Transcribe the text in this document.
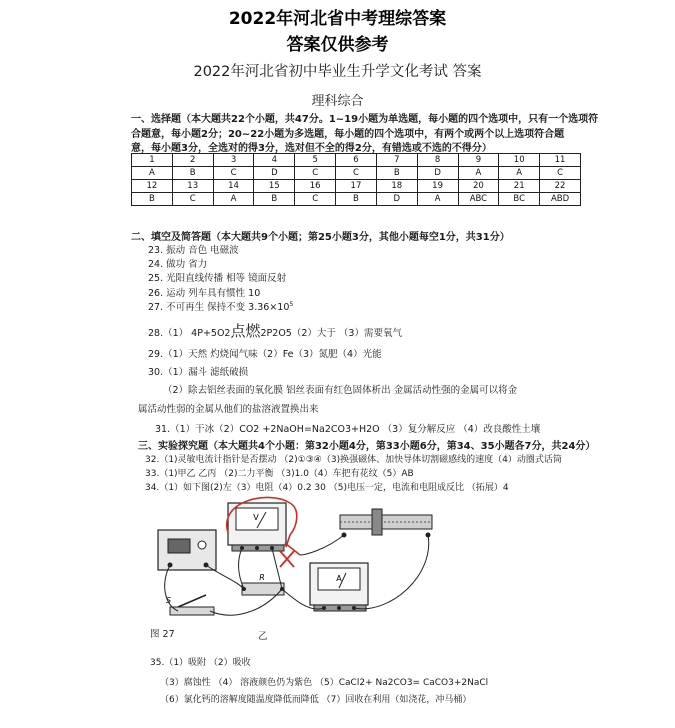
2022年河北省中考理综答案
答案仅供参考
2022年河北省初中毕业生升学文化考试 答案
理科综合
一、选择题（本大题共22个小题，共47分。1~19小题为单选题，每小题的四个选项中，只有一个选项符
合题意，每小题2分；20~22小题为多选题，每小题的四个选项中，有两个或两个以上选项符合题
意，每小题3分，全选对的得3分，选对但不全的得2分，有错选或不选的不得分）
1	2	3	4	5	6	7	8	9	10	11
A	B	C	D	C	C	B	D	A	A	C
12	13	14	15	16	17	18	19	20	21	22
B	C	A	B	C	B	D	A	ABC	BC	ABD
二、填空及简答题（本大题共9个小题；第25小题3分，其他小题每空1分，共31分）
23. 振动 音色 电磁波
24. 做功 省力
25. 光阳直线传播 相等 镜面反射
26. 运动 列车具有惯性 10
27. 不可再生 保持不变 $3.36\times 10^5$
28.（1） 4P+5O2点燃2P2O5（2）大于 （3）需要氧气
29.（1）天然 灼烧闻气味（2）Fe（3）氮肥（4）光能
30.（1）漏斗 滤纸破损
（2）除去铝丝表面的氧化膜 铝丝表面有红色固体析出 金属活动性强的金属可以将金
属活动性弱的金属从他们的盐溶液置换出来
31.（1）干冰（2）CO2 +2NaOH=Na2CO3+H2O （3）复分解反应 （4）改良酸性土壤
三、实验探究题（本大题共4个小题：第32小题4分，第33小题6分，第34、35小题各7分，共24分）
32.（1)灵敏电流计指针是否摆动 （2)①③④（3)换强磁体、加快导体切割磁感线的速度（4）动圈式话筒
33.（1)甲乙 乙丙 （2)二力平衡 （3)1.0（4）车把有花纹（5）AB
34.（1）如下图(2)左（3）电阻（4）0.2 30 （5)电压一定，电流和电阻成反比 （拓展）4
V
R	A
S
图 27	乙
35.（1）吸附 （2）吸收
（3）腐蚀性 （4） 溶液颜色仍为紫色 （5）CaCl2+ Na2CO3= CaCO3+2NaCl
（6）氯化钙的溶解度随温度降低而降低 （7）回收在利用（如浇花，冲马桶）
